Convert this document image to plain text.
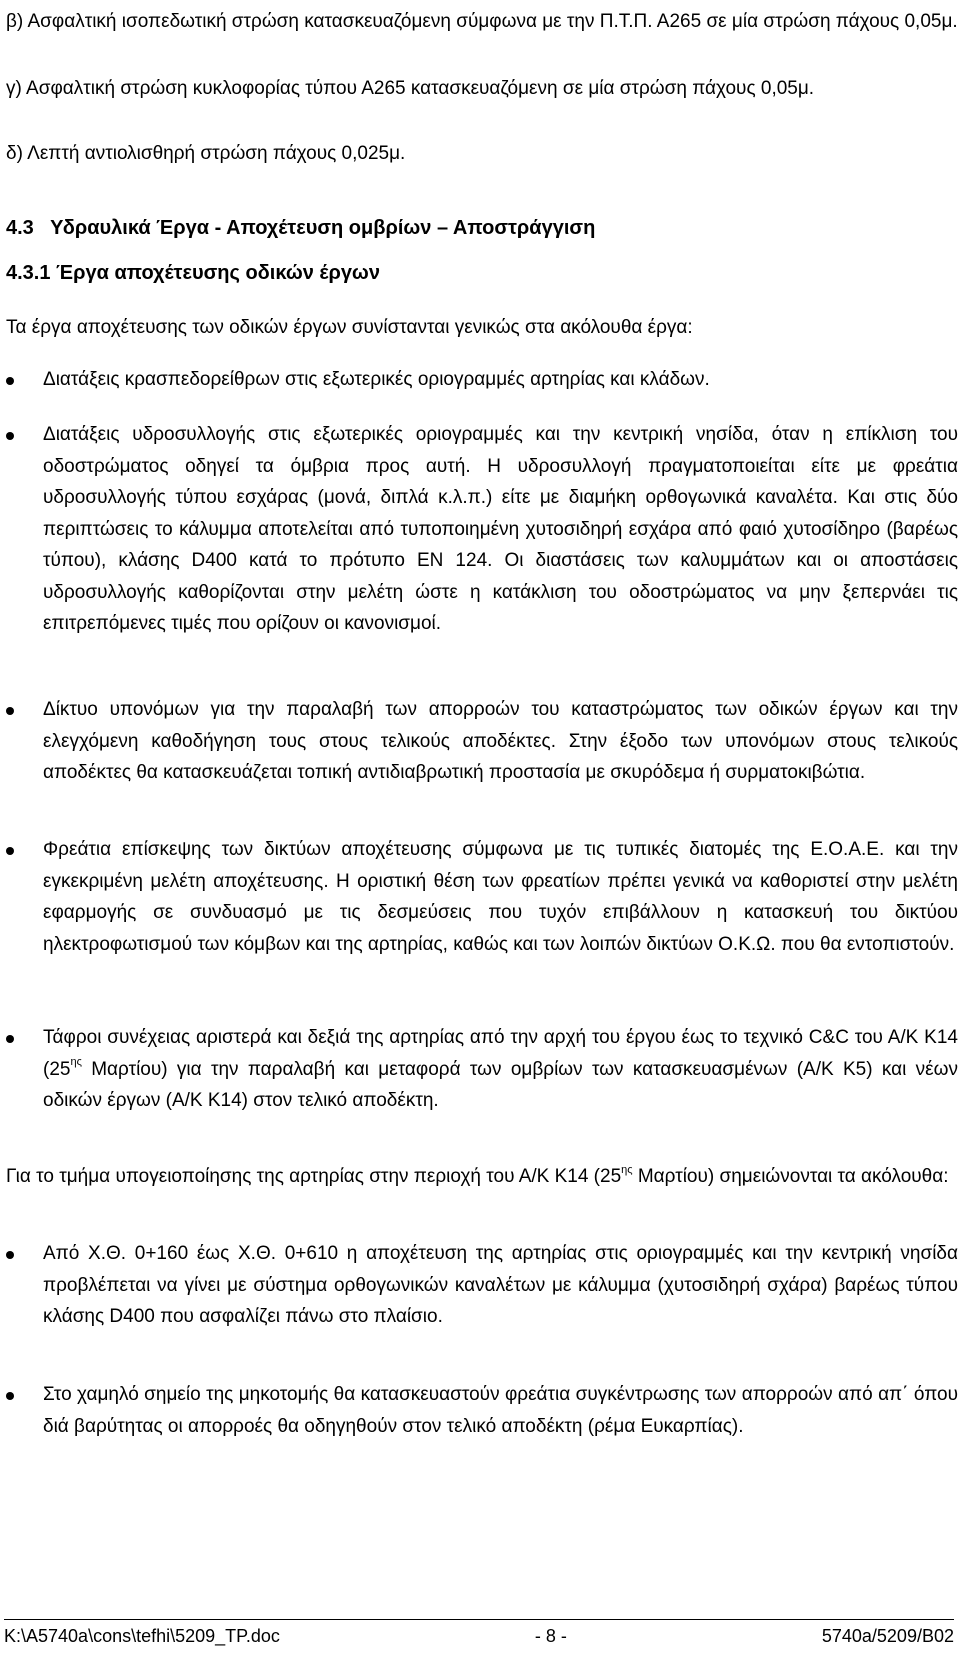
β) Ασφαλτική ισοπεδωτική στρώση κατασκευαζόμενη σύμφωνα με την Π.Τ.Π. Α265 σε μία στρώση πάχους 0,05μ.

γ) Ασφαλτική στρώση κυκλοφορίας τύπου Α265 κατασκευαζόμενη σε μία στρώση πάχους 0,05μ.

δ) Λεπτή αντιολισθηρή στρώση πάχους 0,025μ.

4.3 Υδραυλικά Έργα - Αποχέτευση ομβρίων – Αποστράγγιση

4.3.1 Έργα αποχέτευσης οδικών έργων

Τα έργα αποχέτευσης των οδικών έργων συνίστανται γενικώς στα ακόλουθα έργα:

Διατάξεις κρασπεδορείθρων στις εξωτερικές οριογραμμές αρτηρίας και κλάδων.
Διατάξεις υδροσυλλογής στις εξωτερικές οριογραμμές και την κεντρική νησίδα, όταν η επίκλιση του οδοστρώματος οδηγεί τα όμβρια προς αυτή. Η υδροσυλλογή πραγματοποιείται είτε με φρεάτια υδροσυλλογής τύπου εσχάρας (μονά, διπλά κ.λ.π.) είτε με διαμήκη ορθογωνικά καναλέτα. Και στις δύο περιπτώσεις το κάλυμμα αποτελείται από τυποποιημένη χυτοσιδηρή εσχάρα από φαιό χυτοσίδηρο (βαρέως τύπου), κλάσης D400 κατά το πρότυπο ΕΝ 124. Οι διαστάσεις των καλυμμάτων και οι αποστάσεις υδροσυλλογής καθορίζονται στην μελέτη ώστε η κατάκλιση του οδοστρώματος να μην ξεπερνάει τις επιτρεπόμενες τιμές που ορίζουν οι κανονισμοί.
Δίκτυο υπονόμων για την παραλαβή των απορροών του καταστρώματος των οδικών έργων και την ελεγχόμενη καθοδήγηση τους στους τελικούς αποδέκτες. Στην έξοδο των υπονόμων στους τελικούς αποδέκτες θα κατασκευάζεται τοπική αντιδιαβρωτική προστασία με σκυρόδεμα ή συρματοκιβώτια.
Φρεάτια επίσκεψης των δικτύων αποχέτευσης σύμφωνα με τις τυπικές διατομές της Ε.Ο.Α.Ε. και την εγκεκριμένη μελέτη αποχέτευσης. Η οριστική θέση των φρεατίων πρέπει γενικά να καθοριστεί στην μελέτη εφαρμογής σε συνδυασμό με τις δεσμεύσεις που τυχόν επιβάλλουν η κατασκευή του δικτύου ηλεκτροφωτισμού των κόμβων και της αρτηρίας, καθώς και των λοιπών δικτύων Ο.Κ.Ω. που θα εντοπιστούν.
Τάφροι συνέχειας αριστερά και δεξιά της αρτηρίας από την αρχή του έργου έως το τεχνικό C&C του Α/Κ Κ14 ($25^{\eta\varsigma}$ Μαρτίου) για την παραλαβή και μεταφορά των ομβρίων των κατασκευασμένων (Α/Κ Κ5) και νέων οδικών έργων (Α/Κ Κ14) στον τελικό αποδέκτη.

Για το τμήμα υπογειοποίησης της αρτηρίας στην περιοχή του Α/Κ Κ14 ($25^{\eta\varsigma}$ Μαρτίου) σημειώνονται τα ακόλουθα:

Από Χ.Θ. 0+160 έως Χ.Θ. 0+610 η αποχέτευση της αρτηρίας στις οριογραμμές και την κεντρική νησίδα προβλέπεται να γίνει με σύστημα ορθογωνικών καναλέτων με κάλυμμα (χυτοσιδηρή σχάρα) βαρέως τύπου κλάσης D400 που ασφαλίζει πάνω στο πλαίσιο.
Στο χαμηλό σημείο της μηκοτομής θα κατασκευαστούν φρεάτια συγκέντρωσης των απορροών από απ΄ όπου διά βαρύτητας οι απορροές θα οδηγηθούν στον τελικό αποδέκτη (ρέμα Ευκαρπίας).
K:\A5740a\cons\tefhi\5209_TP.doc	- 8 -	5740a/5209/B02
